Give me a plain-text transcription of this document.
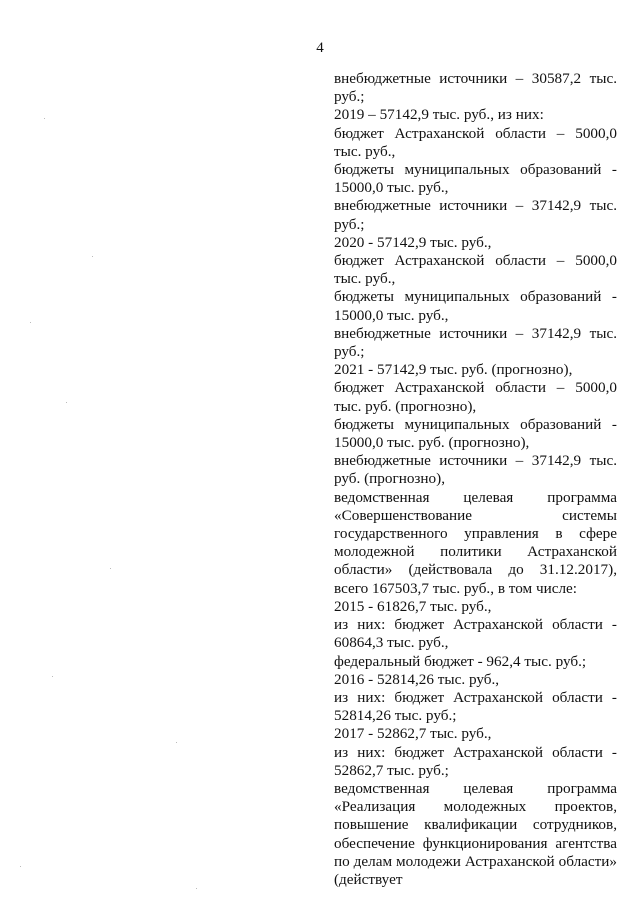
4

внебюджетные источники – 30587,2 тыс. руб.;

2019 – 57142,9 тыс. руб., из них:

бюджет Астраханской области – 5000,0 тыс. руб.,

бюджеты муниципальных образований - 15000,0 тыс. руб.,

внебюджетные источники – 37142,9 тыс. руб.;

2020 - 57142,9 тыс. руб.,

бюджет Астраханской области – 5000,0 тыс. руб.,

бюджеты муниципальных образований - 15000,0 тыс. руб.,

внебюджетные источники – 37142,9 тыс. руб.;

2021 - 57142,9 тыс. руб. (прогнозно),

бюджет Астраханской области – 5000,0 тыс. руб. (прогнозно),

бюджеты муниципальных образований - 15000,0 тыс. руб. (прогнозно),

внебюджетные источники – 37142,9 тыс. руб. (прогнозно),

ведомственная целевая программа «Совершенствование системы государственного управления в сфере молодежной политики Астраханской области» (действовала до 31.12.2017), всего 167503,7 тыс. руб., в том числе:

2015 - 61826,7 тыс. руб.,

из них: бюджет Астраханской области - 60864,3 тыс. руб.,

федеральный бюджет - 962,4 тыс. руб.;

2016 - 52814,26 тыс. руб.,

из них: бюджет Астраханской области - 52814,26 тыс. руб.;

2017 - 52862,7 тыс. руб.,

из них: бюджет Астраханской области - 52862,7 тыс. руб.;

ведомственная целевая программа «Реализация молодежных проектов, повышение квалификации сотрудников, обеспечение функционирования агентства по делам молодежи Астраханской области» (действует
